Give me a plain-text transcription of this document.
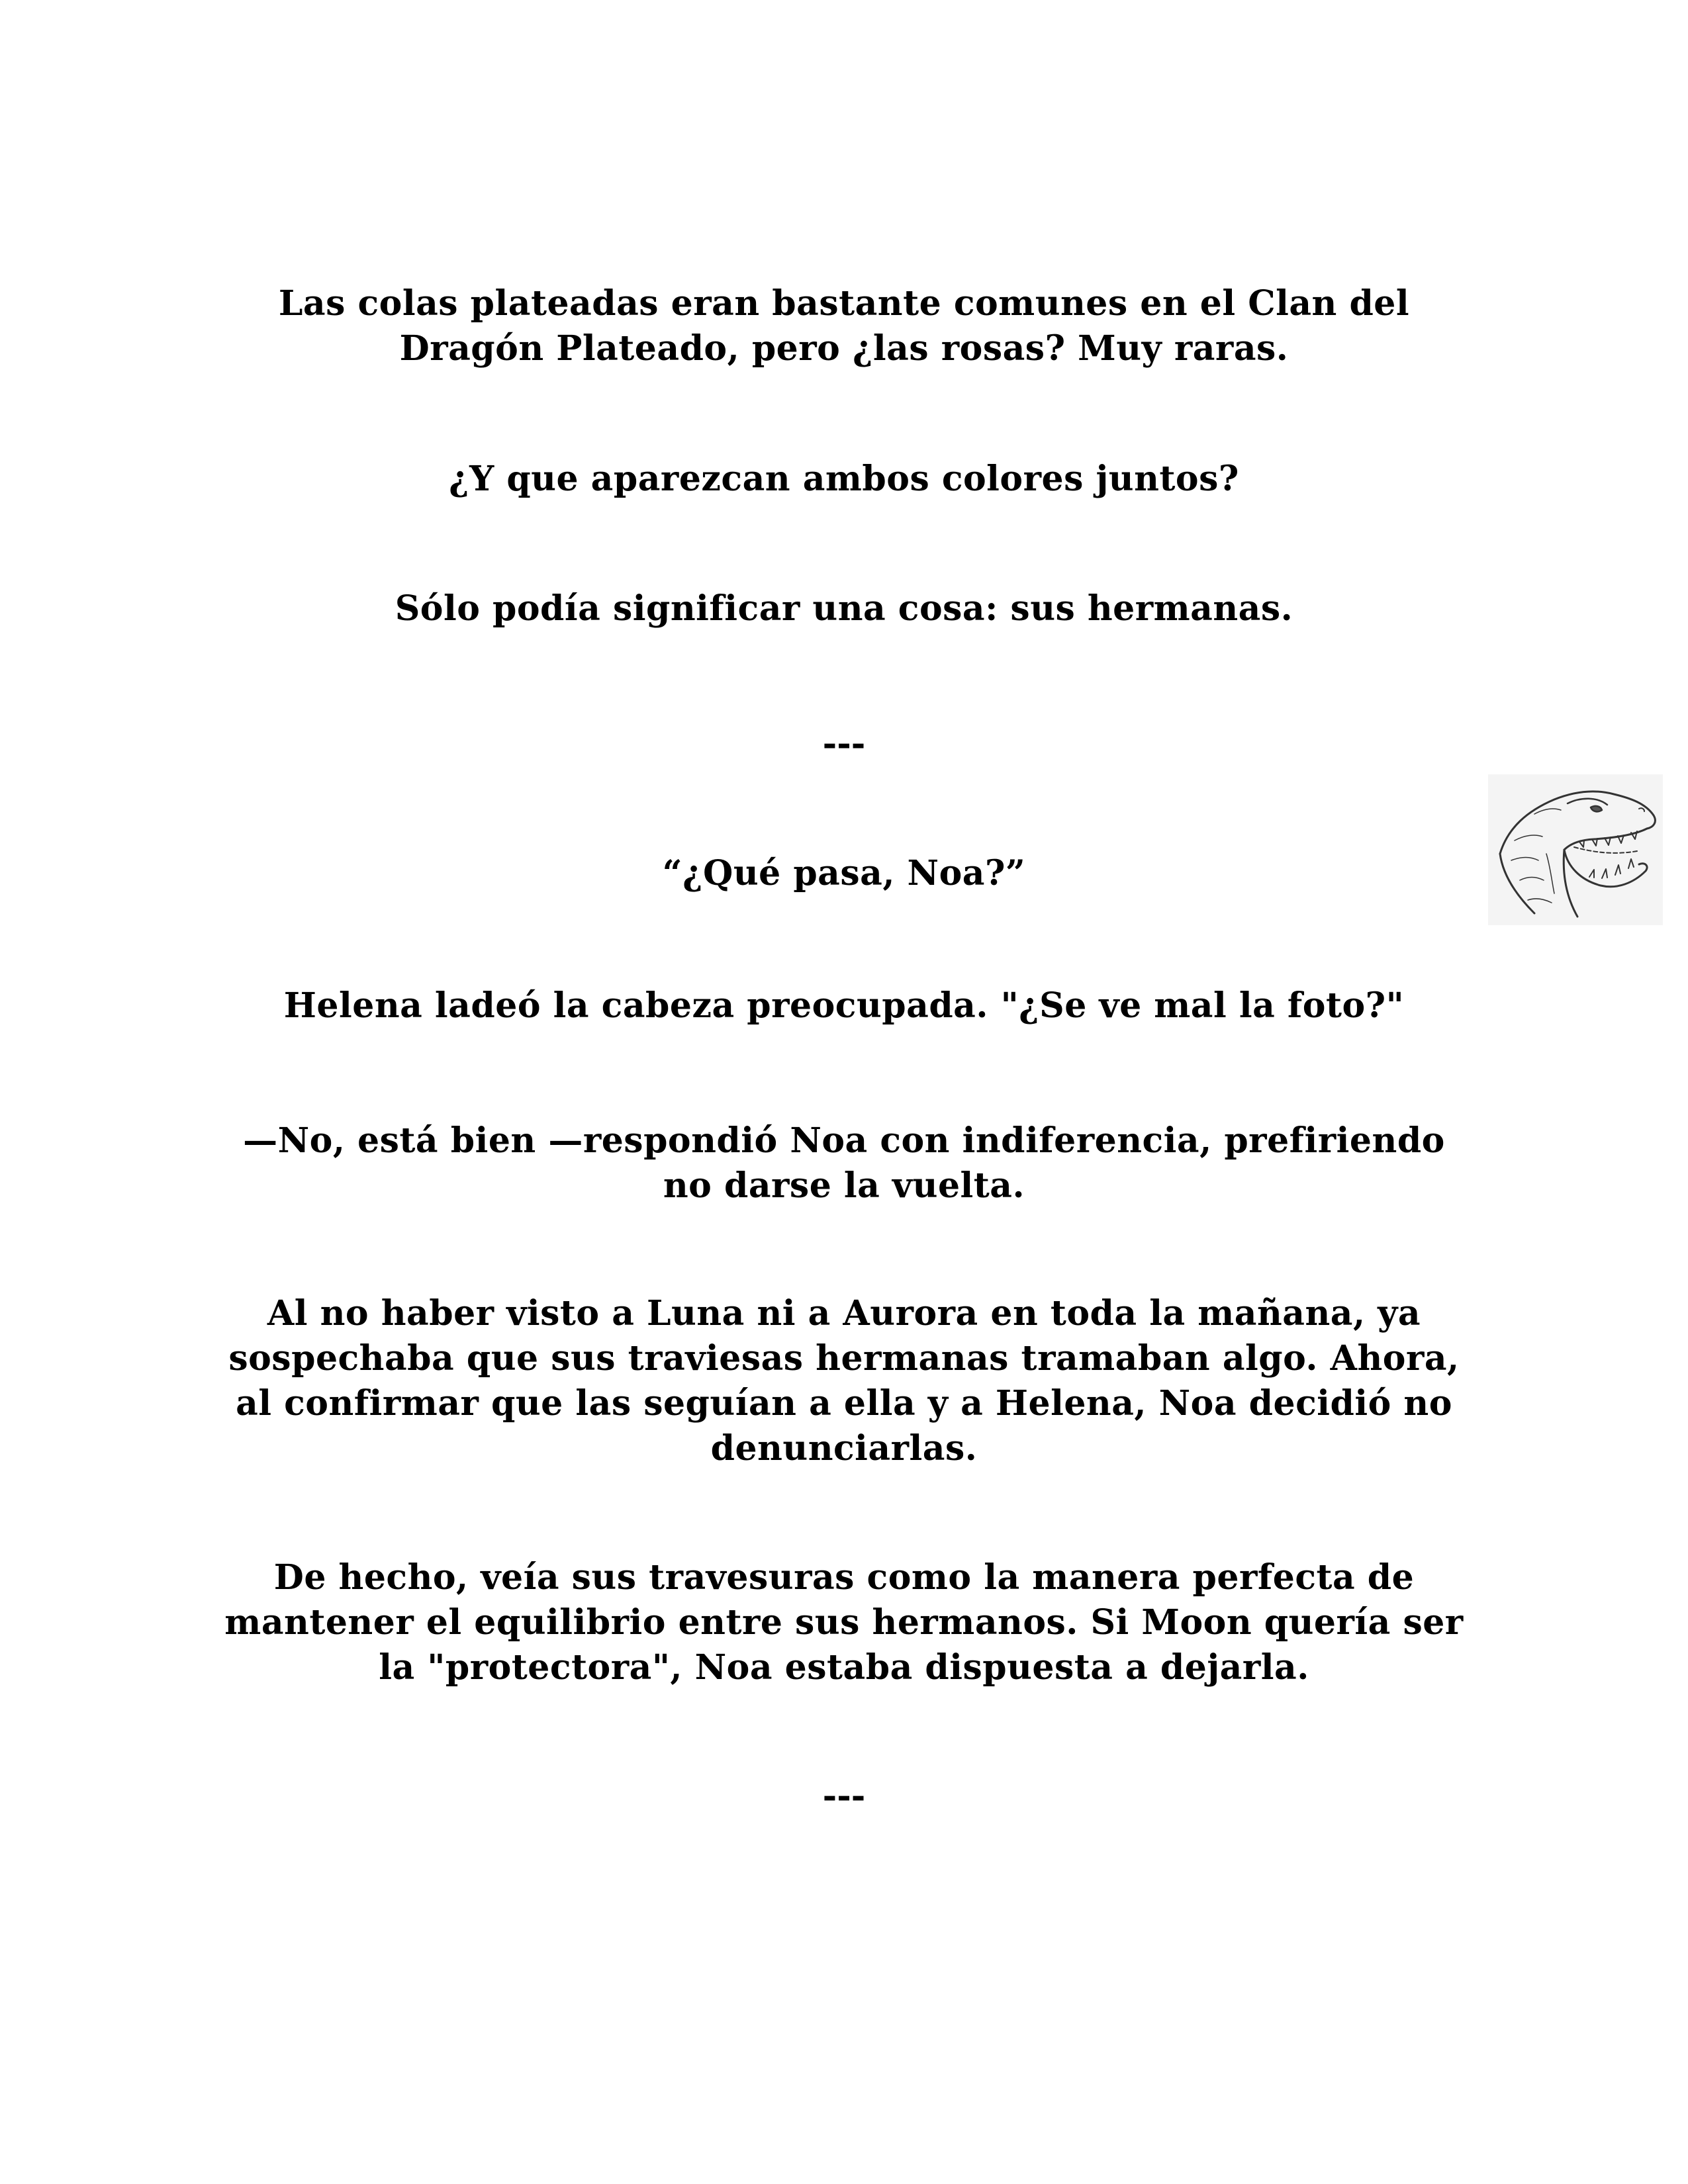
Las colas plateadas eran bastante comunes en el Clan del Dragón Plateado, pero ¿las rosas? Muy raras.

¿Y que aparezcan ambos colores juntos?

Sólo podía significar una cosa: sus hermanas.

---

“¿Qué pasa, Noa?”

Helena ladeó la cabeza preocupada. "¿Se ve mal la foto?"

—No, está bien —respondió Noa con indiferencia, prefiriendo no darse la vuelta.

Al no haber visto a Luna ni a Aurora en toda la mañana, ya sospechaba que sus traviesas hermanas tramaban algo. Ahora, al confirmar que las seguían a ella y a Helena, Noa decidió no denunciarlas.

De hecho, veía sus travesuras como la manera perfecta de mantener el equilibrio entre sus hermanos. Si Moon quería ser la "protectora", Noa estaba dispuesta a dejarla.

---
